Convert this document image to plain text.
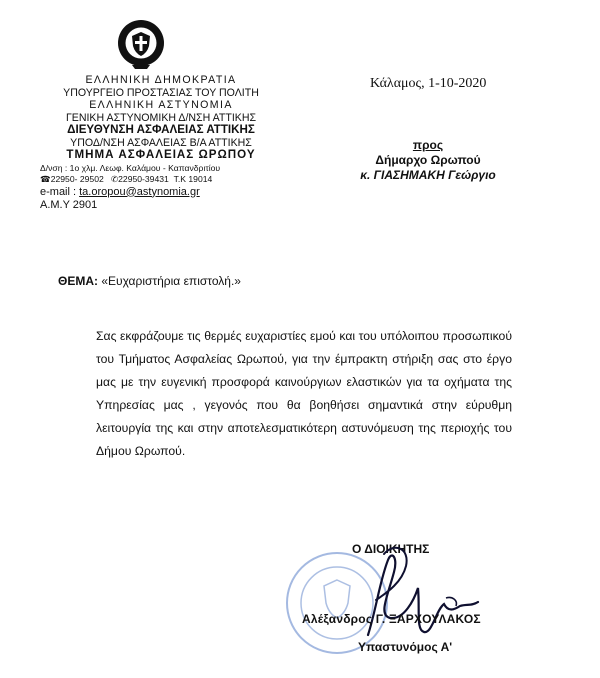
ΕΛΛΗΝΙΚΗ ΔΗΜΟΚΡΑΤΙΑ
ΥΠΟΥΡΓΕΙΟ ΠΡΟΣΤΑΣΙΑΣ ΤΟΥ ΠΟΛΙΤΗ
ΕΛΛΗΝΙΚΗ ΑΣΤΥΝΟΜΙΑ
ΓΕΝΙΚΗ ΑΣΤΥΝΟΜΙΚΗ Δ/ΝΣΗ ΑΤΤΙΚΗΣ
ΔΙΕΥΘΥΝΣΗ ΑΣΦΑΛΕΙΑΣ ΑΤΤΙΚΗΣ
ΥΠΟΔ/ΝΣΗ ΑΣΦΑΛΕΙΑΣ Β/Α ΑΤΤΙΚΗΣ
ΤΜΗΜΑ ΑΣΦΑΛΕΙΑΣ ΩΡΩΠΟΥ
Δ/νση : 1ο χλμ. Λεωφ. Καλάμου - Καπανδριτίου
☎22950- 29502 ✆22950-39431 Τ.Κ 19014
e-mail : ta.oropou@astynomia.gr
Α.Μ.Υ 2901
Κάλαμος, 1-10-2020
προς
Δήμαρχο Ωρωπού
κ. ΓΙΑΣΗΜΑΚΗ Γεώργιο
ΘΕΜΑ: «Ευχαριστήρια επιστολή.»

Σας εκφράζουμε τις θερμές ευχαριστίες εμού και του υπόλοιπου προσωπικού του Τμήματος Ασφαλείας Ωρωπού, για την έμπρακτη στήριξη σας στο έργο μας με την ευγενική προσφορά καινούργιων ελαστικών για τα οχήματα της Υπηρεσίας μας , γεγονός που θα βοηθήσει σημαντικά στην εύρυθμη λειτουργία της και στην αποτελεσματικότερη αστυνόμευση της περιοχής του Δήμου Ωρωπού.

Ο ΔΙΟΙΚΗΤΗΣ
Αλέξανδρος Γ. ΞΑΡΧΟΥΛΑΚΟΣ
Υπαστυνόμος Α'
